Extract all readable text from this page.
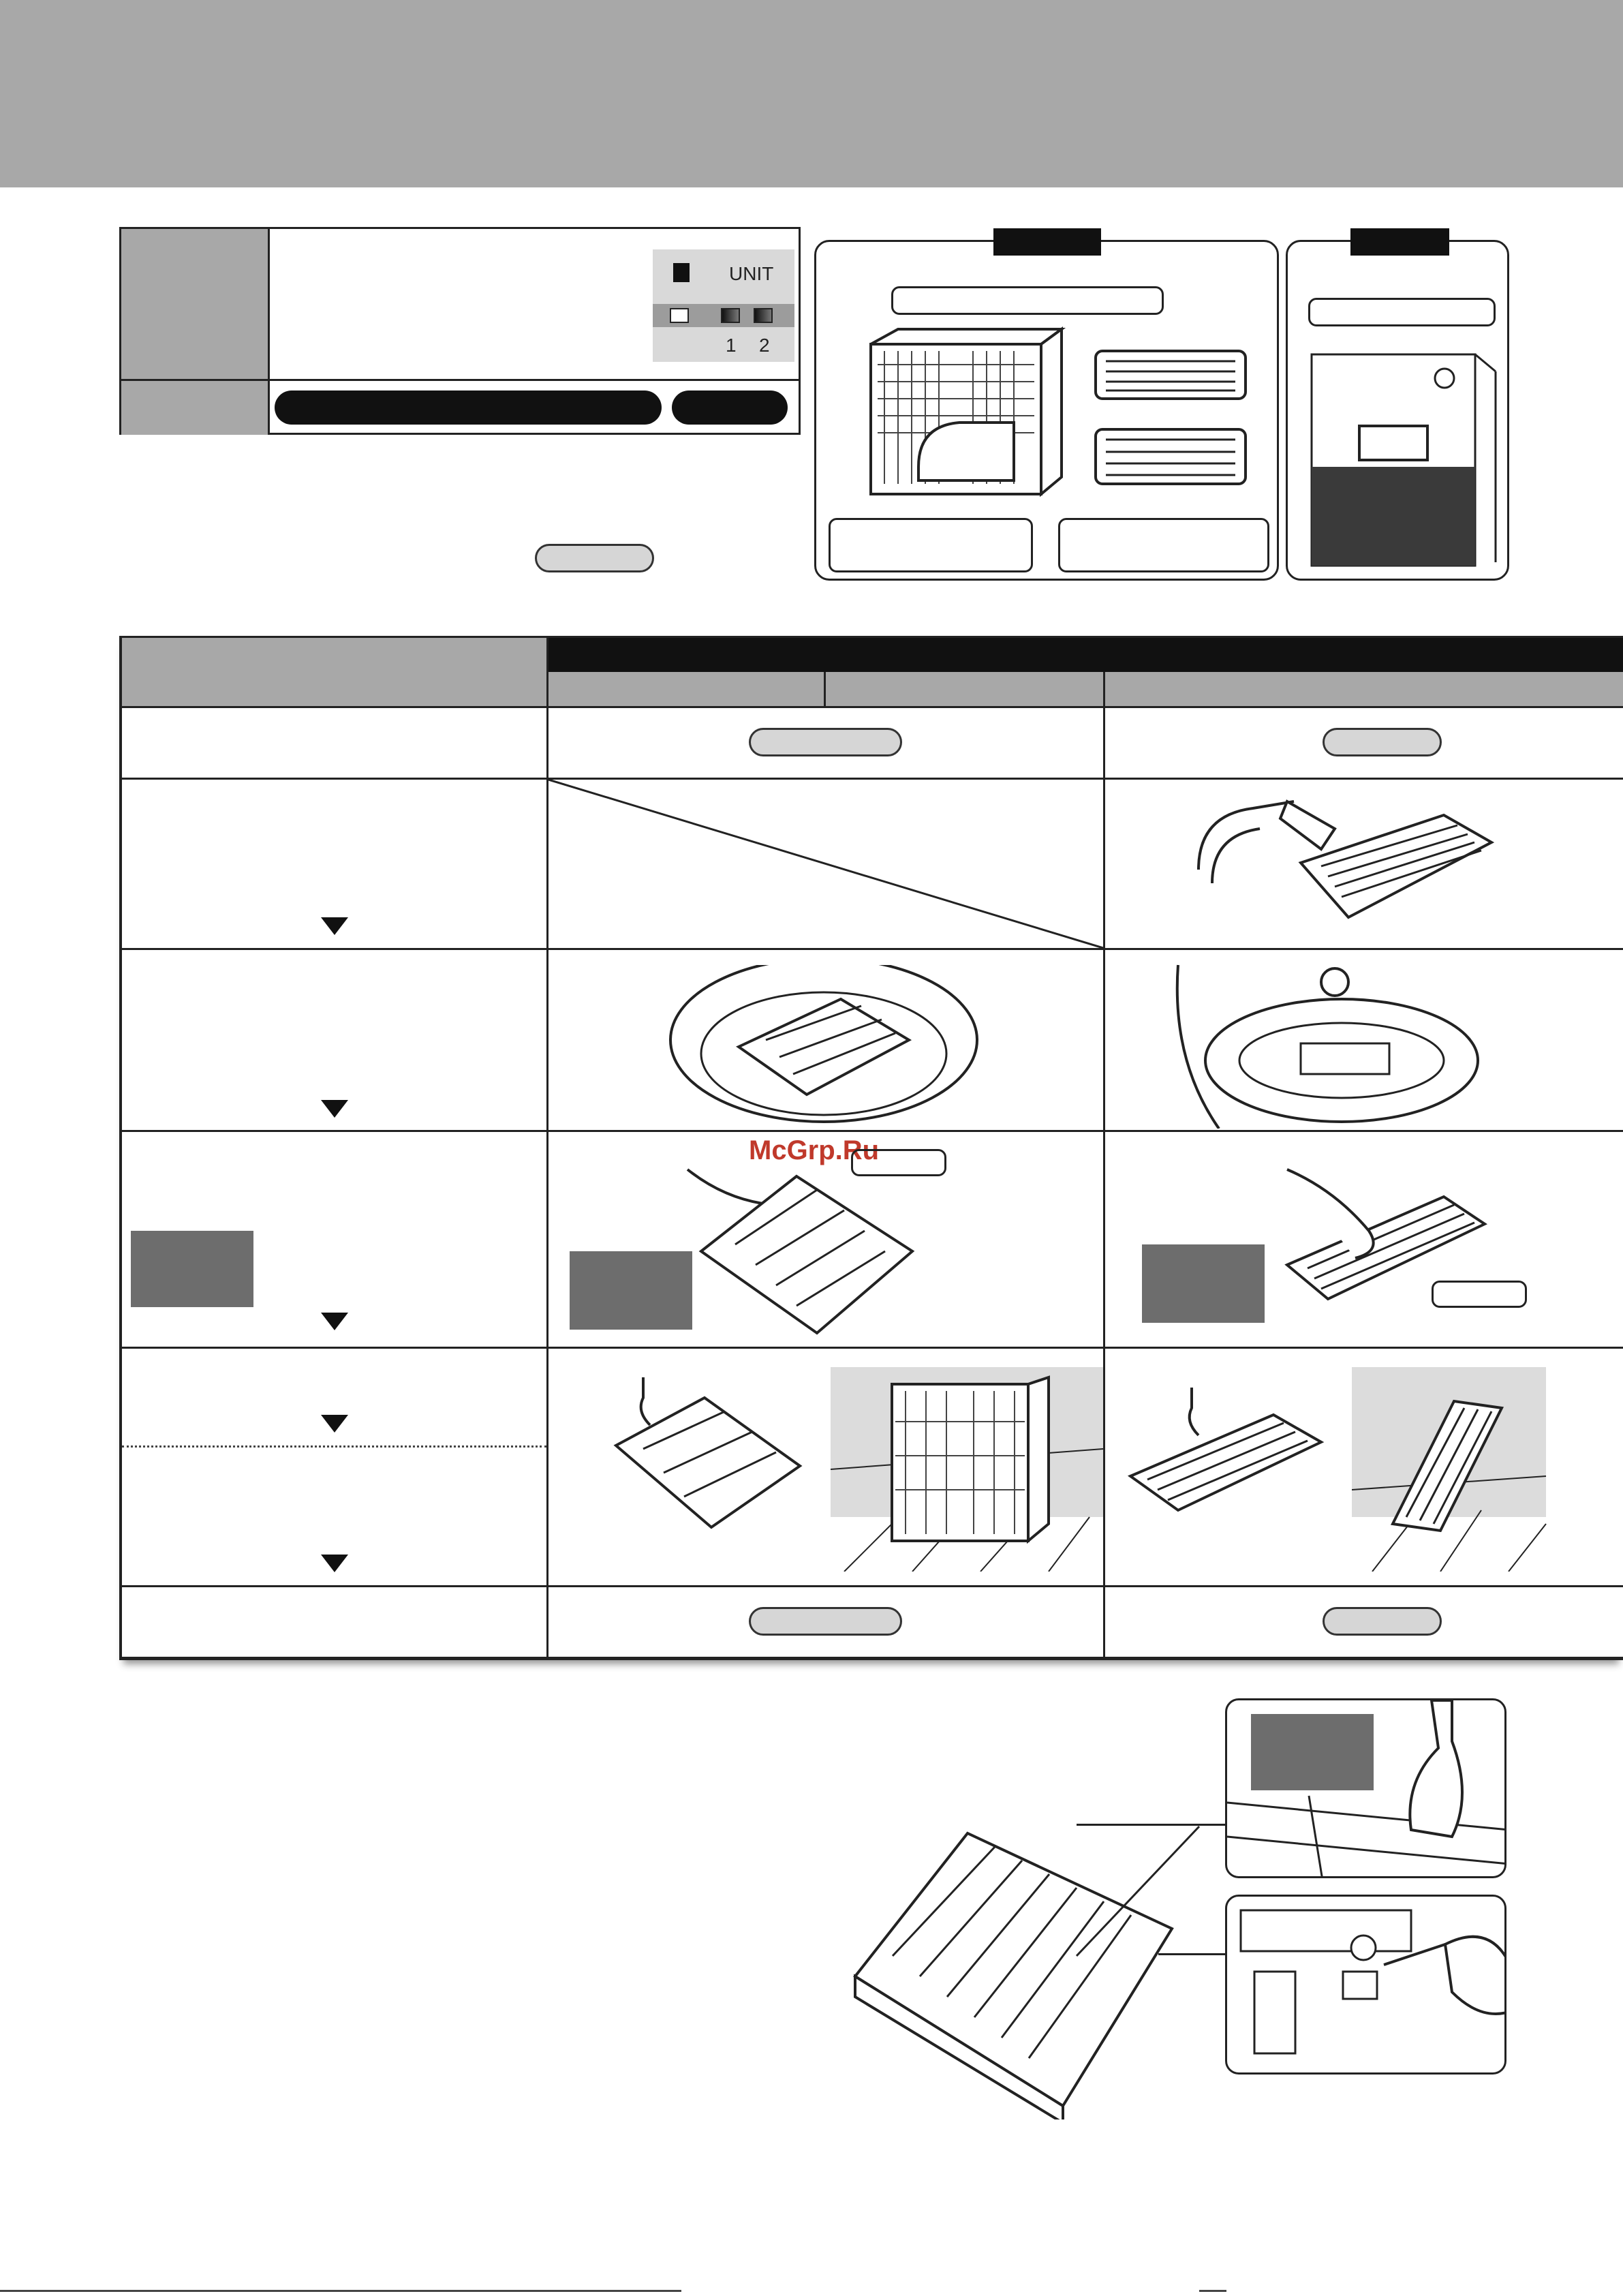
UNIT
1 2
McGrp.Ru
